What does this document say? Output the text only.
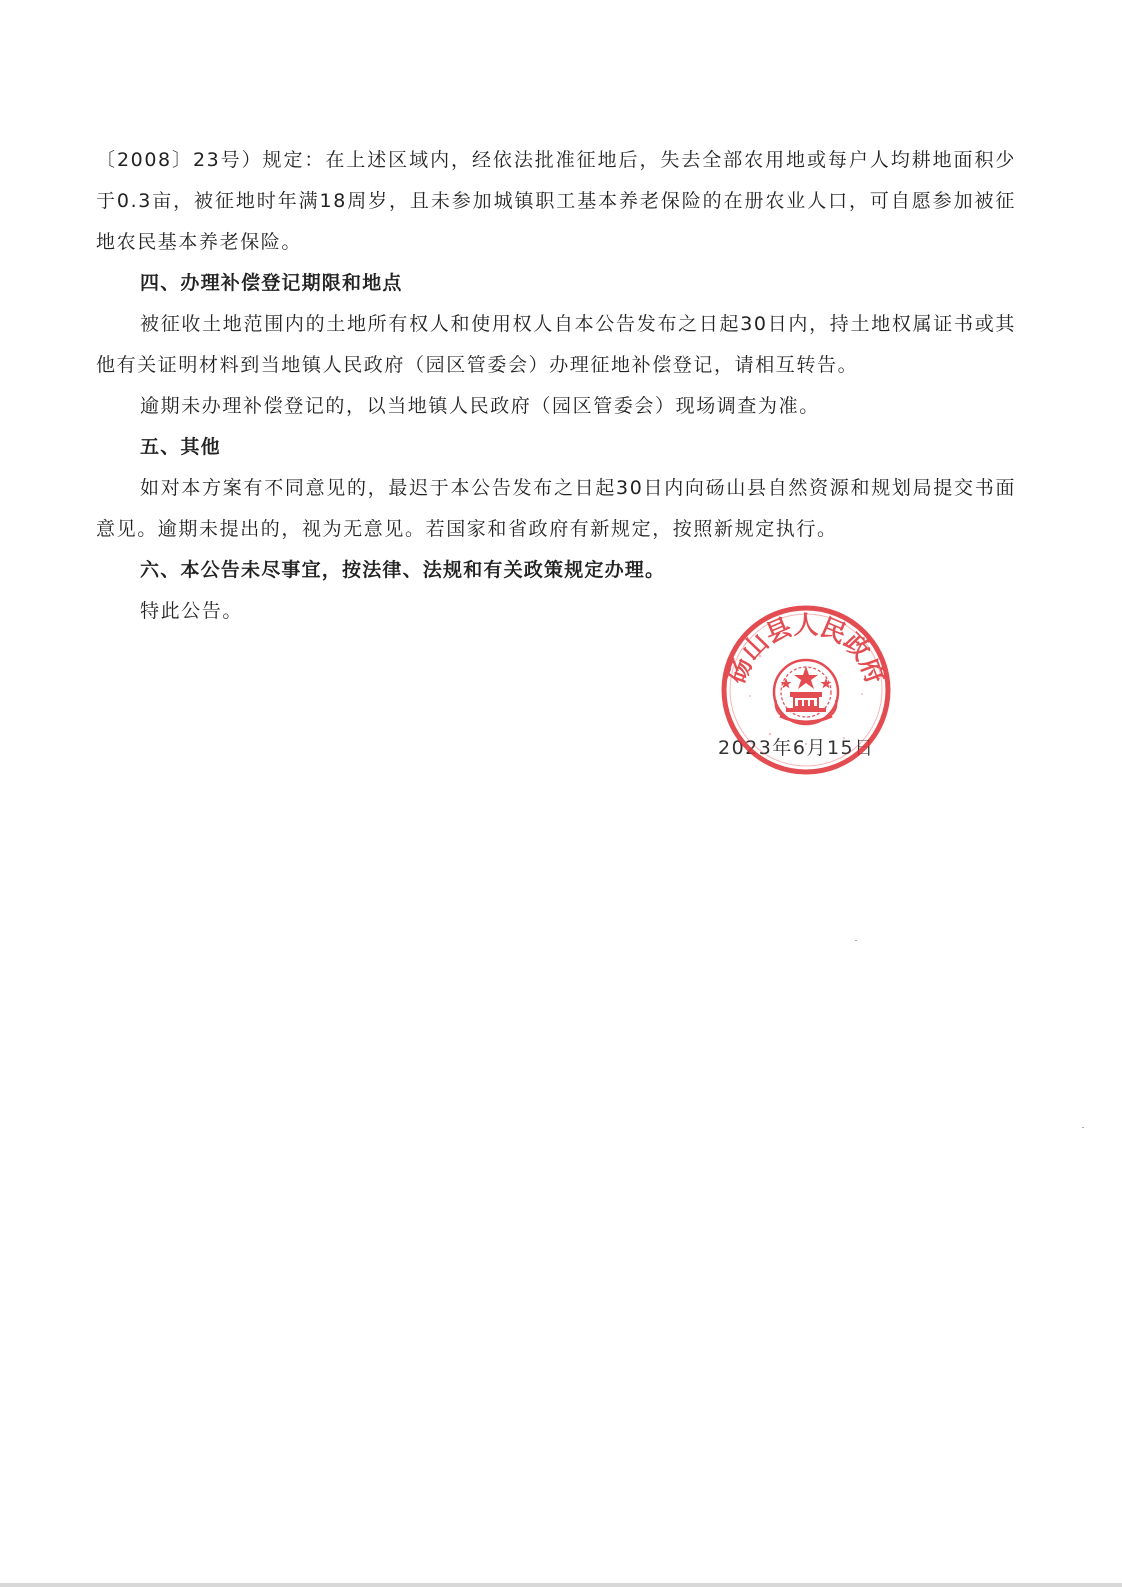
〔2008〕23号）规定：在上述区域内，经依法批准征地后，失去全部农用地或每户人均耕地面积少于0.3亩，被征地时年满18周岁，且未参加城镇职工基本养老保险的在册农业人口，可自愿参加被征地农民基本养老保险。

四、办理补偿登记期限和地点

被征收土地范围内的土地所有权人和使用权人自本公告发布之日起30日内，持土地权属证书或其他有关证明材料到当地镇人民政府（园区管委会）办理征地补偿登记，请相互转告。

逾期未办理补偿登记的，以当地镇人民政府（园区管委会）现场调查为准。

五、其他

如对本方案有不同意见的，最迟于本公告发布之日起30日内向砀山县自然资源和规划局提交书面意见。逾期未提出的，视为无意见。若国家和省政府有新规定，按照新规定执行。

六、本公告未尽事宜，按法律、法规和有关政策规定办理。

特此公告。

2023年6月15日
砀山县人民政府
